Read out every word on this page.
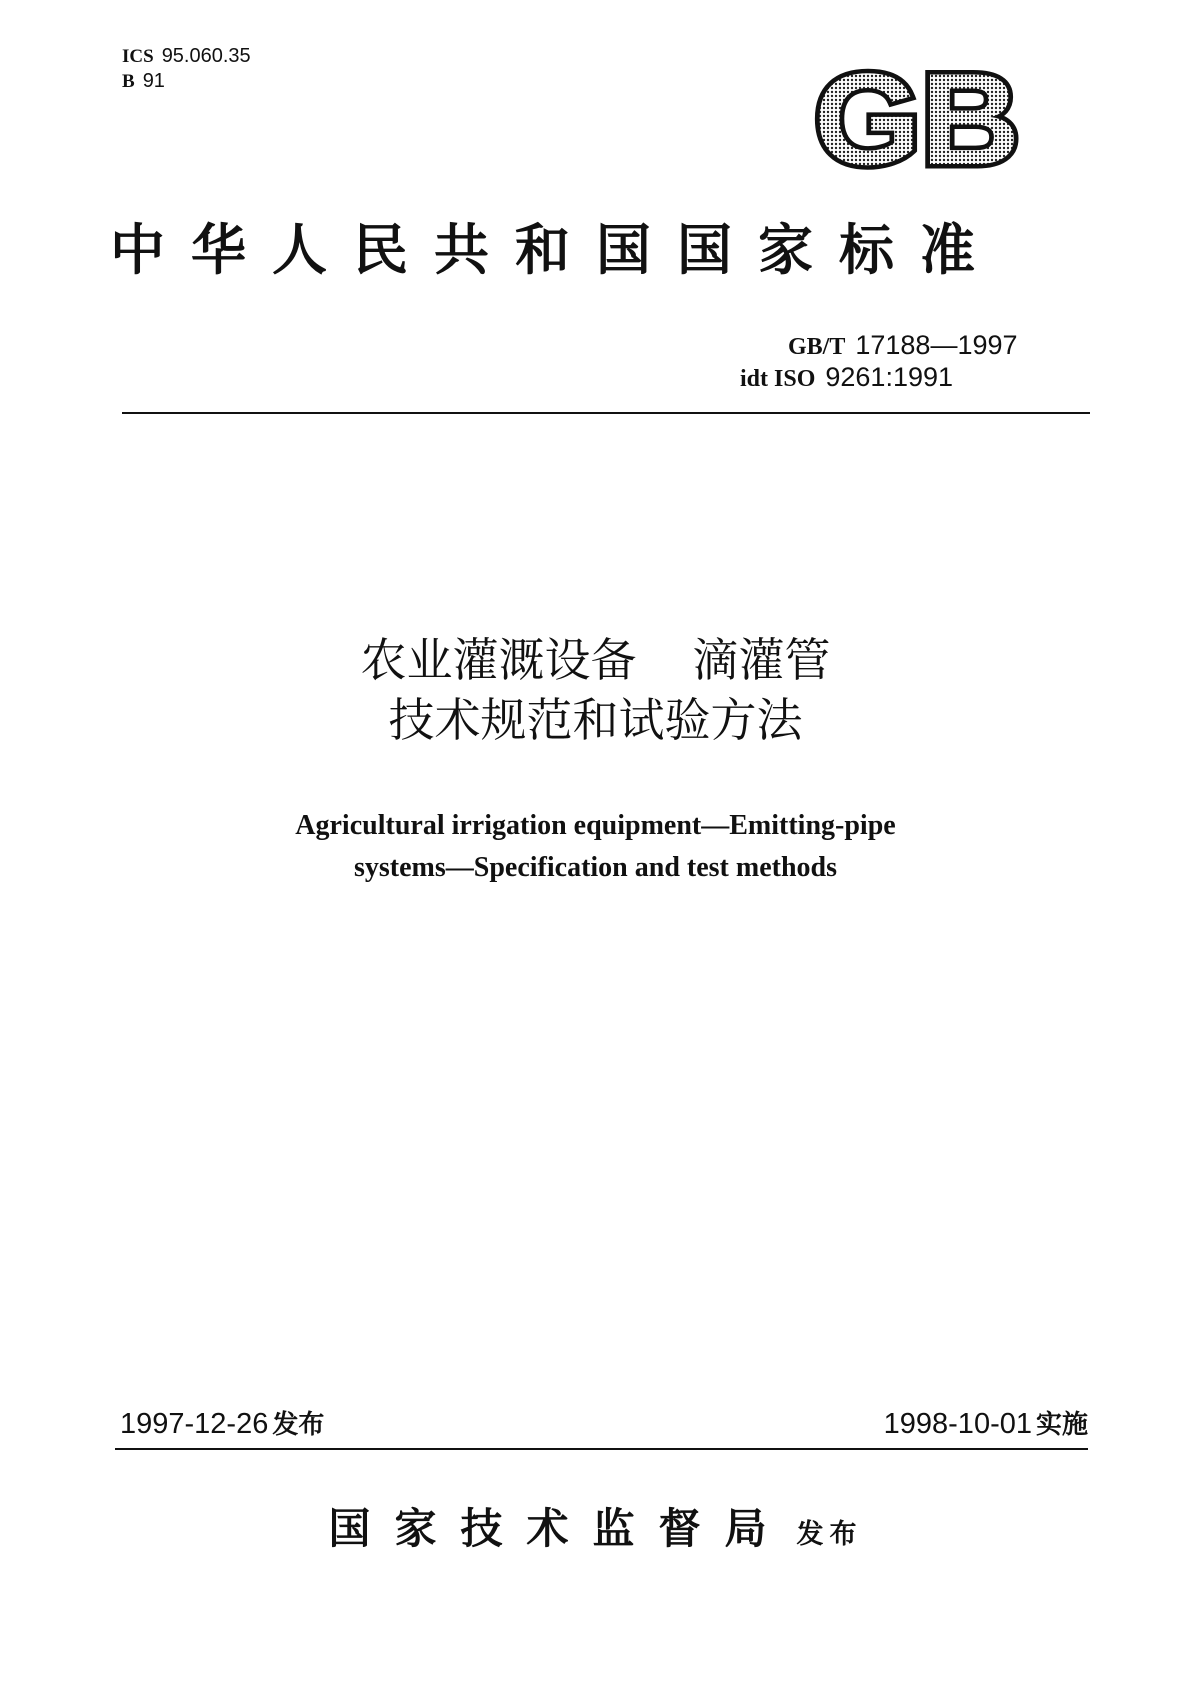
ICS 95.060.35
B 91	GB
中华人民共和国国家标准
GB/T 17188—1997
idt ISO 9261:1991
农业灌溉设备 滴灌管
技术规范和试验方法
Agricultural irrigation equipment—Emitting-pipe
systems—Specification and test methods
1997-12-26 发布	1998-10-01 实施
国家技术监督局 发布
